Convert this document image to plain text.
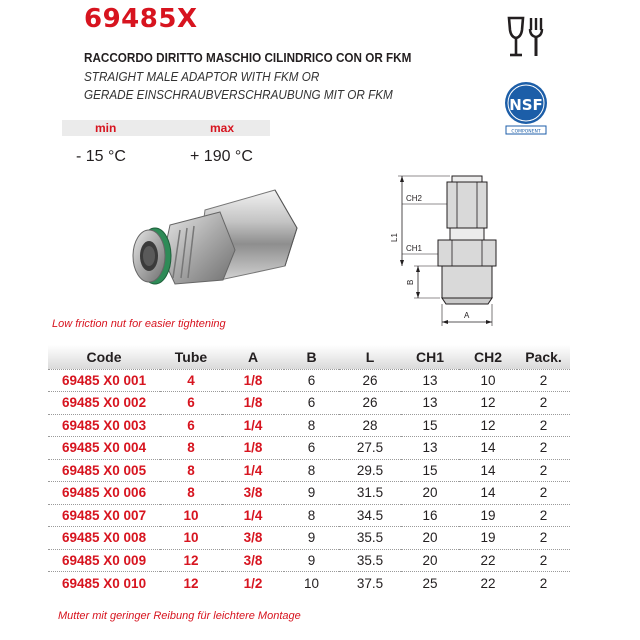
69485X
RACCORDO DIRITTO MASCHIO CILINDRICO CON OR FKM
STRAIGHT MALE ADAPTOR WITH FKM OR
GERADE EINSCHRAUBVERSCHRAUBUNG MIT OR FKM
NSF
COMPONENT
min	max
- 15 °C	+ 190 °C
L1
B
CH2
CH1
A
Low friction nut for easier tightening
Code	Tube	A	B	L	CH1	CH2	Pack.
69485 X0 001	4	1/8	6	26	13	10	2
69485 X0 002	6	1/8	6	26	13	12	2
69485 X0 003	6	1/4	8	28	15	12	2
69485 X0 004	8	1/8	6	27.5	13	14	2
69485 X0 005	8	1/4	8	29.5	15	14	2
69485 X0 006	8	3/8	9	31.5	20	14	2
69485 X0 007	10	1/4	8	34.5	16	19	2
69485 X0 008	10	3/8	9	35.5	20	19	2
69485 X0 009	12	3/8	9	35.5	20	22	2
69485 X0 010	12	1/2	10	37.5	25	22	2
Mutter mit geringer Reibung für leichtere Montage
